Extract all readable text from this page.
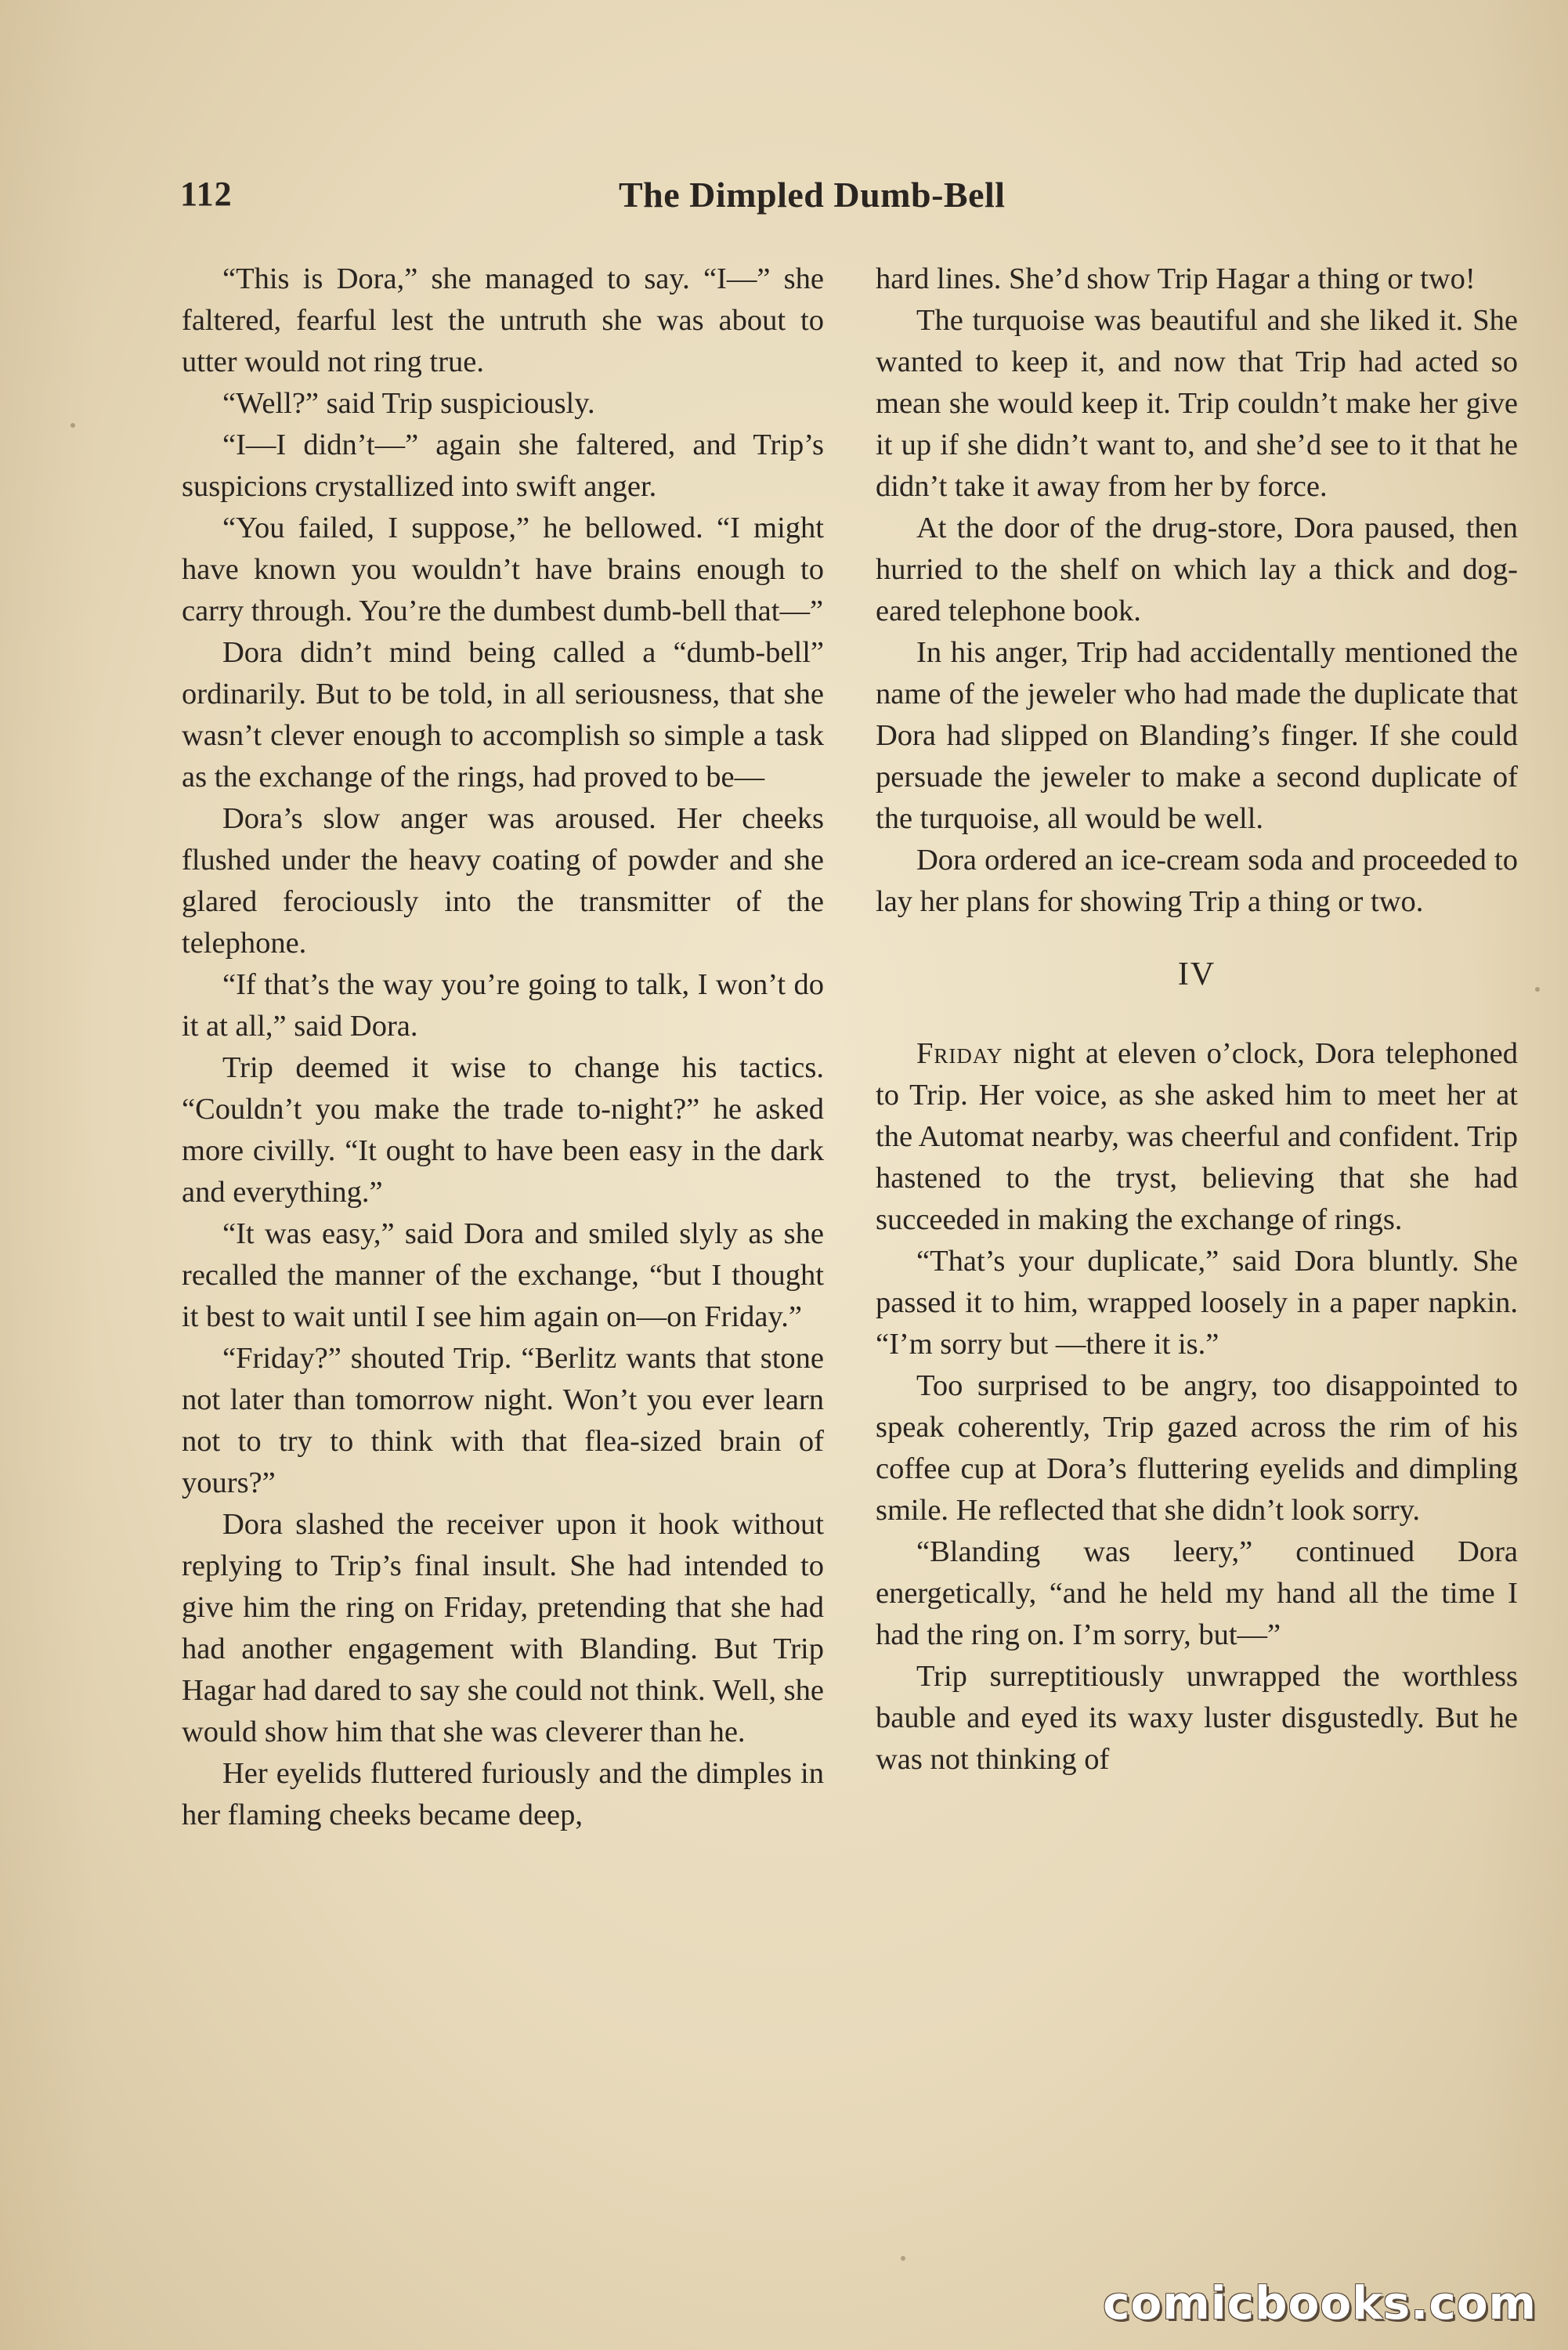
112	The Dimpled Dumb-Bell

“This is Dora,” she managed to say. “I—” she faltered, fearful lest the untruth she was about to utter would not ring true.

“Well?” said Trip suspiciously.

“I—I didn’t—” again she faltered, and Trip’s suspicions crystallized into swift anger.

“You failed, I suppose,” he bellowed. “I might have known you wouldn’t have brains enough to carry through. You’re the dumbest dumb-bell that—”

Dora didn’t mind being called a “dumb-bell” ordinarily. But to be told, in all seriousness, that she wasn’t clever enough to accomplish so simple a task as the exchange of the rings, had proved to be—

Dora’s slow anger was aroused. Her cheeks flushed under the heavy coating of powder and she glared ferociously into the transmitter of the telephone.

“If that’s the way you’re going to talk, I won’t do it at all,” said Dora.

Trip deemed it wise to change his tactics. “Couldn’t you make the trade to-night?” he asked more civilly. “It ought to have been easy in the dark and everything.”

“It was easy,” said Dora and smiled slyly as she recalled the manner of the exchange, “but I thought it best to wait until I see him again on—on Friday.”

“Friday?” shouted Trip. “Berlitz wants that stone not later than tomorrow night. Won’t you ever learn not to try to think with that flea-sized brain of yours?”

Dora slashed the receiver upon it hook without replying to Trip’s final insult. She had intended to give him the ring on Friday, pretending that she had had another engagement with Blanding. But Trip Hagar had dared to say she could not think. Well, she would show him that she was cleverer than he.

Her eyelids fluttered furiously and the dimples in her flaming cheeks became deep,

hard lines. She’d show Trip Hagar a thing or two!

The turquoise was beautiful and she liked it. She wanted to keep it, and now that Trip had acted so mean she would keep it. Trip couldn’t make her give it up if she didn’t want to, and she’d see to it that he didn’t take it away from her by force.

At the door of the drug-store, Dora paused, then hurried to the shelf on which lay a thick and dog-eared telephone book.

In his anger, Trip had accidentally mentioned the name of the jeweler who had made the duplicate that Dora had slipped on Blanding’s finger. If she could persuade the jeweler to make a second duplicate of the turquoise, all would be well.

Dora ordered an ice-cream soda and proceeded to lay her plans for showing Trip a thing or two.

IV

Friday night at eleven o’clock, Dora telephoned to Trip. Her voice, as she asked him to meet her at the Automat nearby, was cheerful and confident. Trip hastened to the tryst, believing that she had succeeded in making the exchange of rings.

“That’s your duplicate,” said Dora bluntly. She passed it to him, wrapped loosely in a paper napkin. “I’m sorry but —there it is.”

Too surprised to be angry, too disappointed to speak coherently, Trip gazed across the rim of his coffee cup at Dora’s fluttering eyelids and dimpling smile. He reflected that she didn’t look sorry.

“Blanding was leery,” continued Dora energetically, “and he held my hand all the time I had the ring on. I’m sorry, but—”

Trip surreptitiously unwrapped the worthless bauble and eyed its waxy luster disgustedly. But he was not thinking of

comicbooks.com
